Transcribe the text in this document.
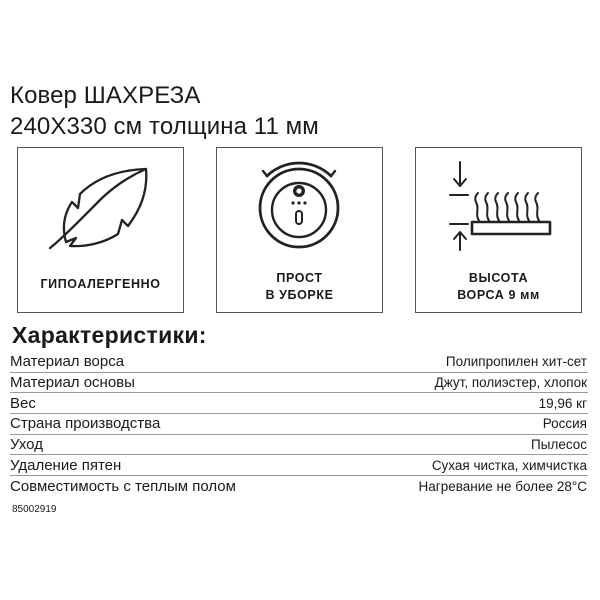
Ковер ШАХРЕЗА
240Х330 см толщина 11 мм
ГИПОАЛЕРГЕННО	ПРОСТ
В УБОРКЕ
ВЫСОТА
ВОРСА 9 мм
Характеристики:
Материал ворса	Полипропилен хит-сет
Материал основы	Джут, полиэстер, хлопок
Вес	19,96 кг
Страна производства	Россия
Уход	Пылесос
Удаление пятен	Сухая чистка, химчистка
Совместимость с теплым полом	Нагревание не более 28°С
85002919
